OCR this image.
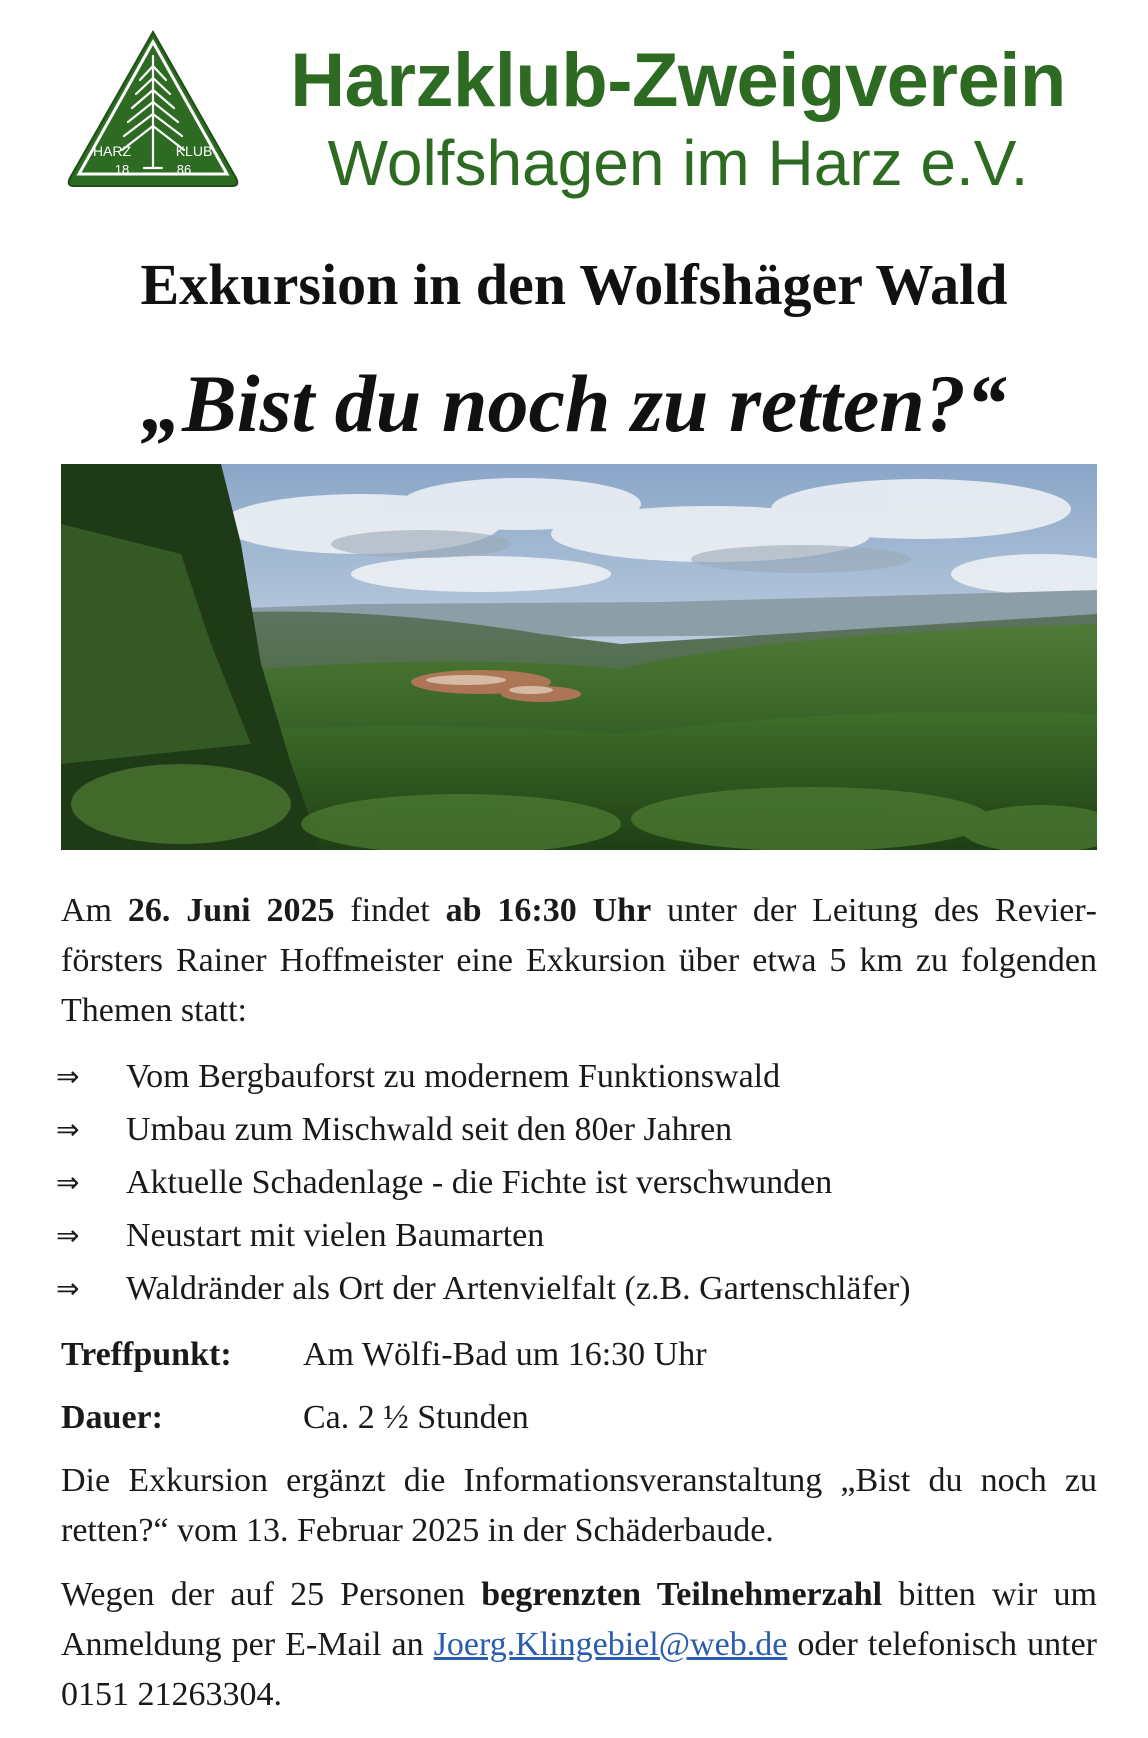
HARZ	KLUB
18	86
Harzklub-Zweigverein
Wolfshagen im Harz e.V.
Exkursion in den Wolfshäger Wald
„Bist du noch zu retten?“
Am 26. Juni 2025 findet ab 16:30 Uhr unter der Leitung des Revierförsters Rainer Hoffmeister eine Exkursion über etwa 5 km zu folgenden Themen statt:
⇒	Vom Bergbauforst zu modernem Funktionswald
⇒	Umbau zum Mischwald seit den 80er Jahren
⇒	Aktuelle Schadenlage - die Fichte ist verschwunden
⇒	Neustart mit vielen Baumarten
⇒	Waldränder als Ort der Artenvielfalt (z.B. Gartenschläfer)
Treffpunkt: Am Wölfi-Bad um 16:30 Uhr
Dauer:	Ca. 2 ½ Stunden
Die Exkursion ergänzt die Informationsveranstaltung „Bist du noch zu retten?“ vom 13. Februar 2025 in der Schäderbaude.
Wegen der auf 25 Personen begrenzten Teilnehmerzahl bitten wir um Anmeldung per E-Mail an Joerg.Klingebiel@web.de oder telefonisch unter 0151 21263304.
